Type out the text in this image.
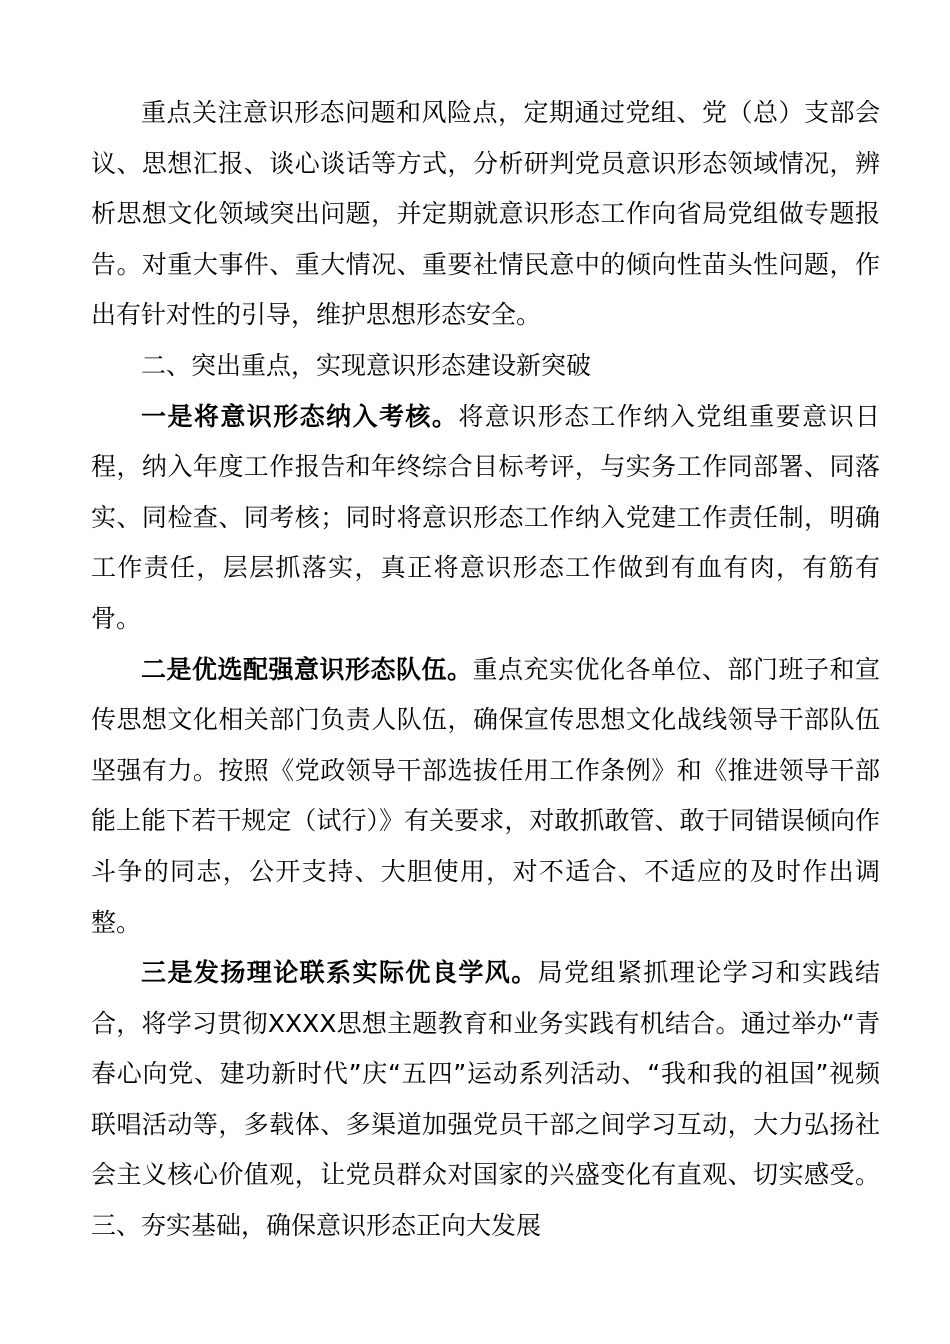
重点关注意识形态问题和风险点，定期通过党组、党（总）支部会议、思想汇报、谈心谈话等方式，分析研判党员意识形态领域情况，辨析思想文化领域突出问题，并定期就意识形态工作向省局党组做专题报告。对重大事件、重大情况、重要社情民意中的倾向性苗头性问题，作出有针对性的引导，维护思想形态安全。

二、突出重点，实现意识形态建设新突破

一是将意识形态纳入考核。将意识形态工作纳入党组重要意识日程，纳入年度工作报告和年终综合目标考评，与实务工作同部署、同落实、同检查、同考核；同时将意识形态工作纳入党建工作责任制，明确工作责任，层层抓落实，真正将意识形态工作做到有血有肉，有筋有骨。

二是优选配强意识形态队伍。重点充实优化各单位、部门班子和宣传思想文化相关部门负责人队伍，确保宣传思想文化战线领导干部队伍坚强有力。按照《党政领导干部选拔任用工作条例》和《推进领导干部能上能下若干规定（试行）》有关要求，对敢抓敢管、敢于同错误倾向作斗争的同志，公开支持、大胆使用，对不适合、不适应的及时作出调整。

三是发扬理论联系实际优良学风。局党组紧抓理论学习和实践结合，将学习贯彻XXXX思想主题教育和业务实践有机结合。通过举办“青春心向党、建功新时代”庆“五四”运动系列活动、“我和我的祖国”视频联唱活动等，多载体、多渠道加强党员干部之间学习互动，大力弘扬社会主义核心价值观，让党员群众对国家的兴盛变化有直观、切实感受。三、夯实基础，确保意识形态正向大发展
